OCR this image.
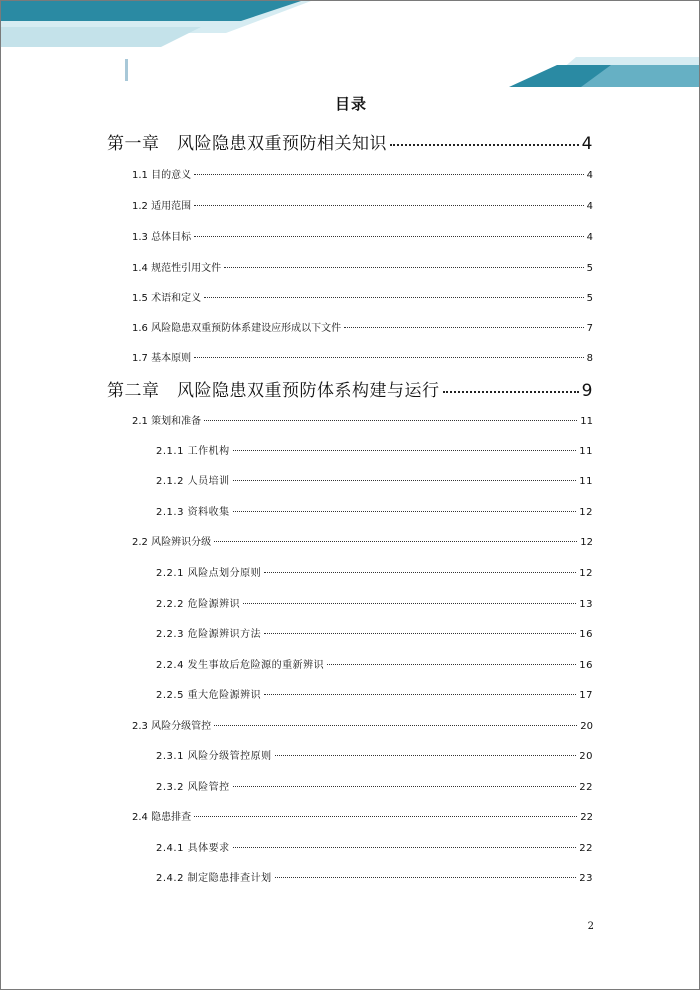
目录
第一章　风险隐患双重预防相关知识	4
1.1 目的意义	4
1.2 适用范围	4
1.3 总体目标	4
1.4 规范性引用文件	5
1.5 术语和定义	5
1.6 风险隐患双重预防体系建设应形成以下文件	7
1.7 基本原则	8
第二章　风险隐患双重预防体系构建与运行	9
2.1 策划和准备	11
2.1.1 工作机构	11
2.1.2 人员培训	11
2.1.3 资料收集	12
2.2 风险辨识分级	12
2.2.1 风险点划分原则	12
2.2.2 危险源辨识	13
2.2.3 危险源辨识方法	16
2.2.4 发生事故后危险源的重新辨识	16
2.2.5 重大危险源辨识	17
2.3 风险分级管控	20
2.3.1 风险分级管控原则	20
2.3.2 风险管控	22
2.4 隐患排查	22
2.4.1 具体要求	22
2.4.2 制定隐患排查计划	23
2
